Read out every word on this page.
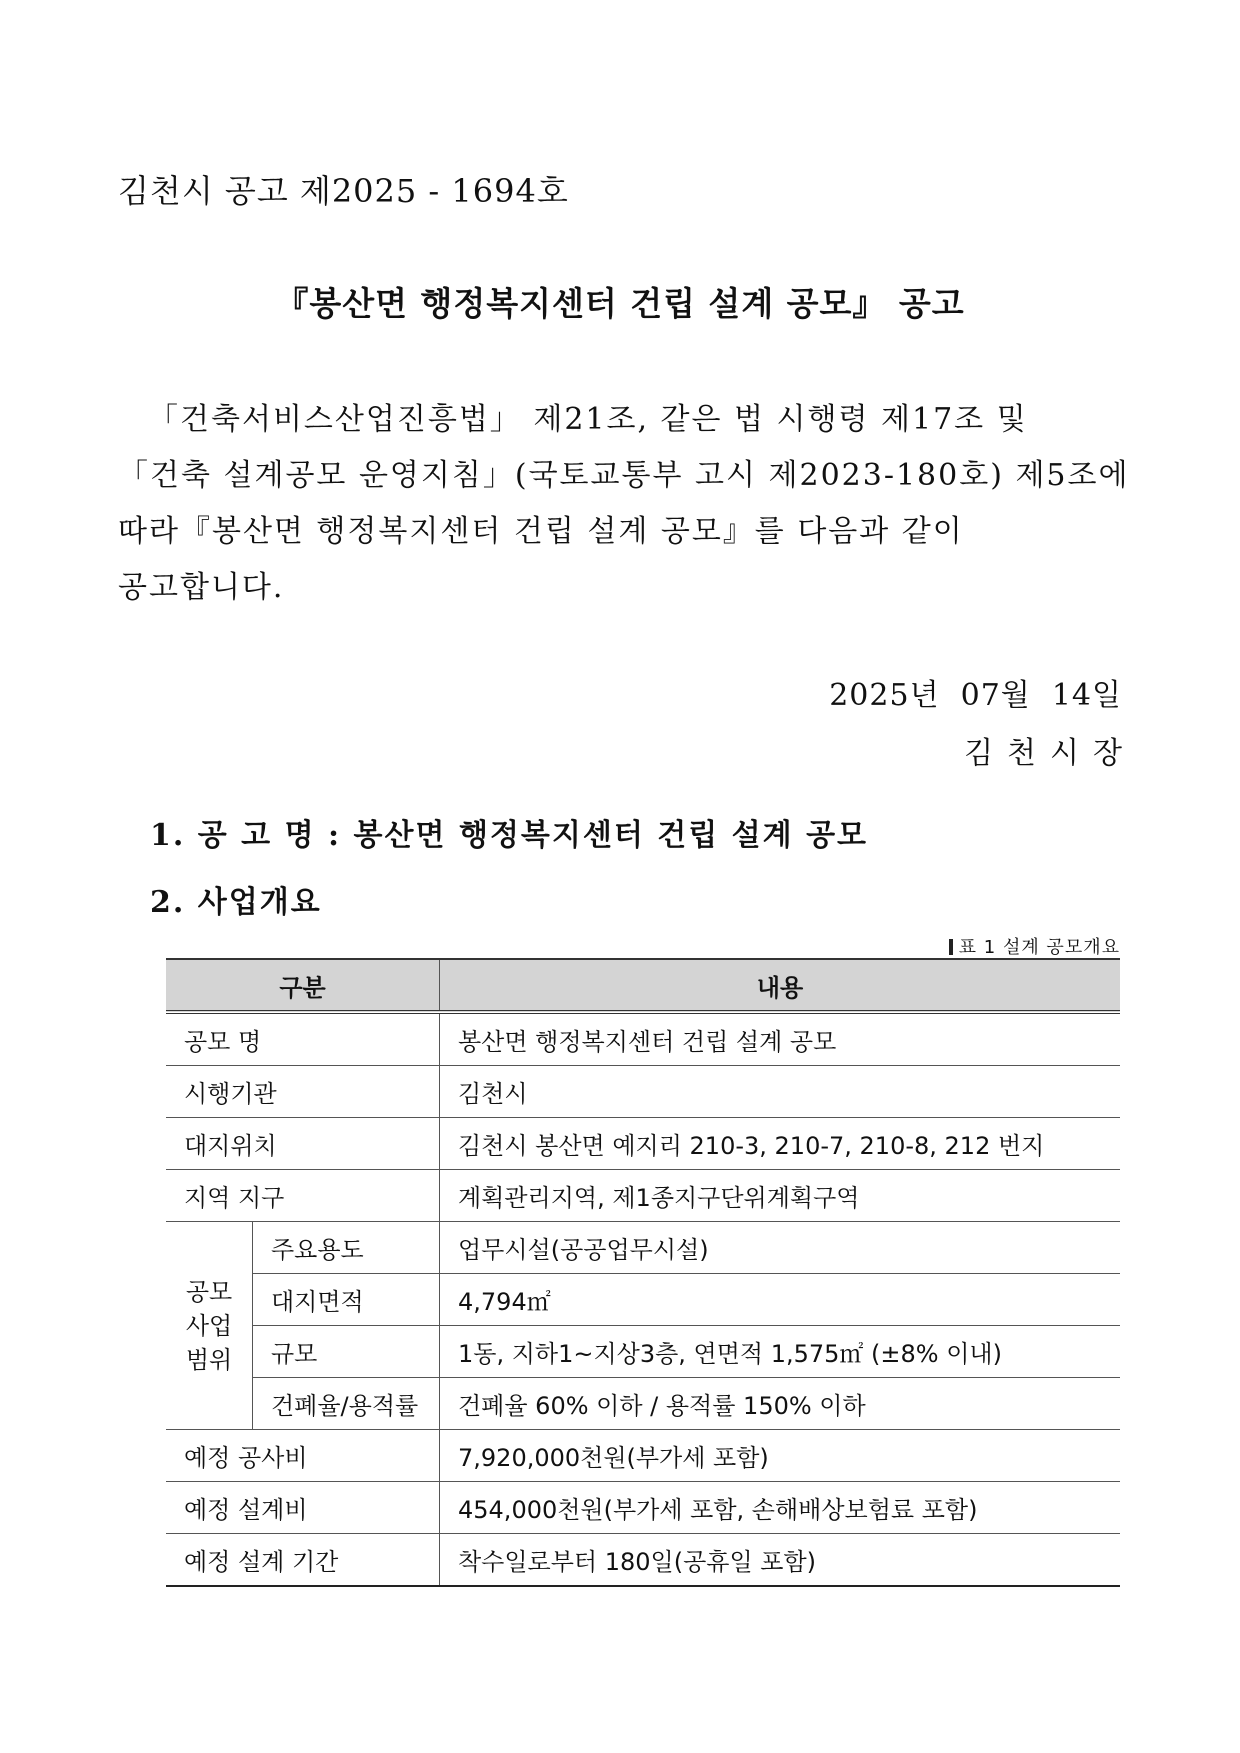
김천시 공고 제2025 - 1694호
『봉산면 행정복지센터 건립 설계 공모』 공고
「건축서비스산업진흥법」 제21조, 같은 법 시행령 제17조 및
「건축 설계공모 운영지침」(국토교통부 고시 제2023-180호) 제5조에
따라『봉산면 행정복지센터 건립 설계 공모』를 다음과 같이
공고합니다.
2025년  07월  14일
김천시장
1. 공 고 명 : 봉산면 행정복지센터 건립 설계 공모
2. 사업개요
표 1 설계 공모개요
구분		내용
공모 명		봉산면 행정복지센터 건립 설계 공모
시행기관		김천시
대지위치		김천시 봉산면 예지리 210-3, 210-7, 210-8, 212 번지
지역 지구		계획관리지역, 제1종지구단위계획구역
공모
사업
범위	주요용도	업무시설(공공업무시설)
	대지면적	4,794㎡
	규모	1동, 지하1~지상3층, 연면적 1,575㎡ (±8% 이내)
	건폐율/용적률	건폐율 60% 이하 / 용적률 150% 이하
예정 공사비		7,920,000천원(부가세 포함)
예정 설계비		454,000천원(부가세 포함, 손해배상보험료 포함)
예정 설계 기간		착수일로부터 180일(공휴일 포함)
